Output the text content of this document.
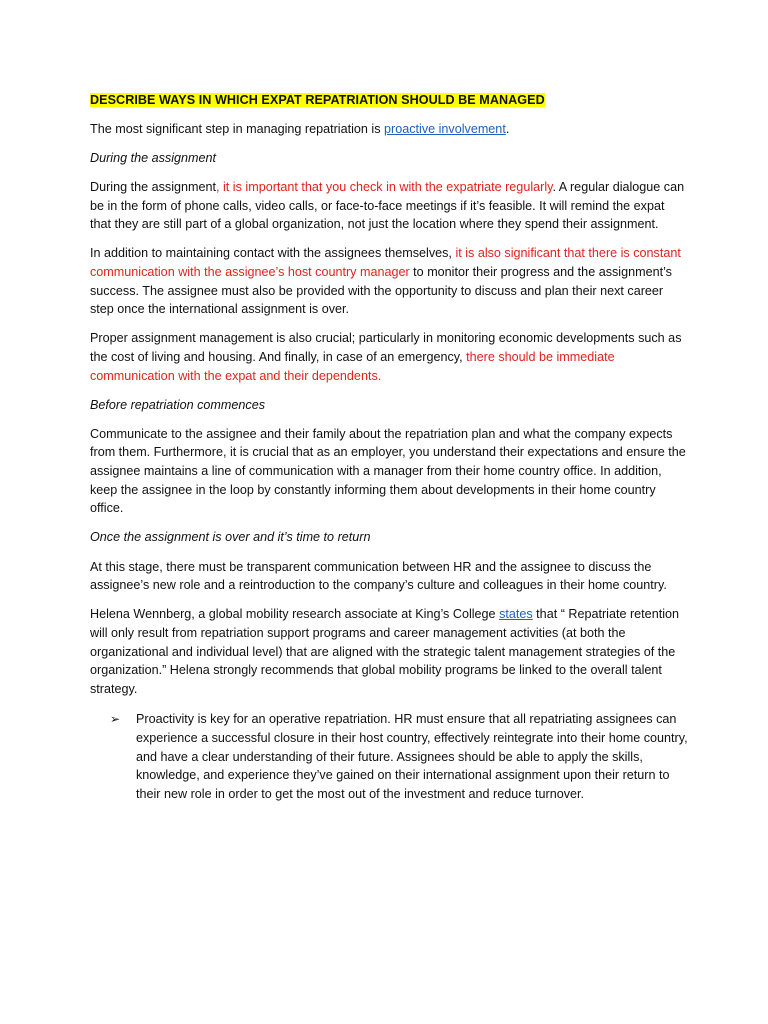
DESCRIBE WAYS IN WHICH EXPAT REPATRIATION SHOULD BE MANAGED

The most significant step in managing repatriation is proactive involvement.

During the assignment

During the assignment, it is important that you check in with the expatriate regularly. A regular dialogue can be in the form of phone calls, video calls, or face-to-face meetings if it’s feasible. It will remind the expat that they are still part of a global organization, not just the location where they spend their assignment.

In addition to maintaining contact with the assignees themselves, it is also significant that there is constant communication with the assignee’s host country manager to monitor their progress and the assignment’s success. The assignee must also be provided with the opportunity to discuss and plan their next career step once the international assignment is over.

Proper assignment management is also crucial; particularly in monitoring economic developments such as the cost of living and housing. And finally, in case of an emergency, there should be immediate communication with the expat and their dependents.

Before repatriation commences

Communicate to the assignee and their family about the repatriation plan and what the company expects from them. Furthermore, it is crucial that as an employer, you understand their expectations and ensure the assignee maintains a line of communication with a manager from their home country office. In addition, keep the assignee in the loop by constantly informing them about developments in their home country office.

Once the assignment is over and it’s time to return

At this stage, there must be transparent communication between HR and the assignee to discuss the assignee’s new role and a reintroduction to the company’s culture and colleagues in their home country.

Helena Wennberg, a global mobility research associate at King’s College states that “ Repatriate retention will only result from repatriation support programs and career management activities (at both the organizational and individual level) that are aligned with the strategic talent management strategies of the organization.” Helena strongly recommends that global mobility programs be linked to the overall talent strategy.

➢ Proactivity is key for an operative repatriation. HR must ensure that all repatriating assignees can experience a successful closure in their host country, effectively reintegrate into their home country, and have a clear understanding of their future. Assignees should be able to apply the skills, knowledge, and experience they’ve gained on their international assignment upon their return to their new role in order to get the most out of the investment and reduce turnover.
